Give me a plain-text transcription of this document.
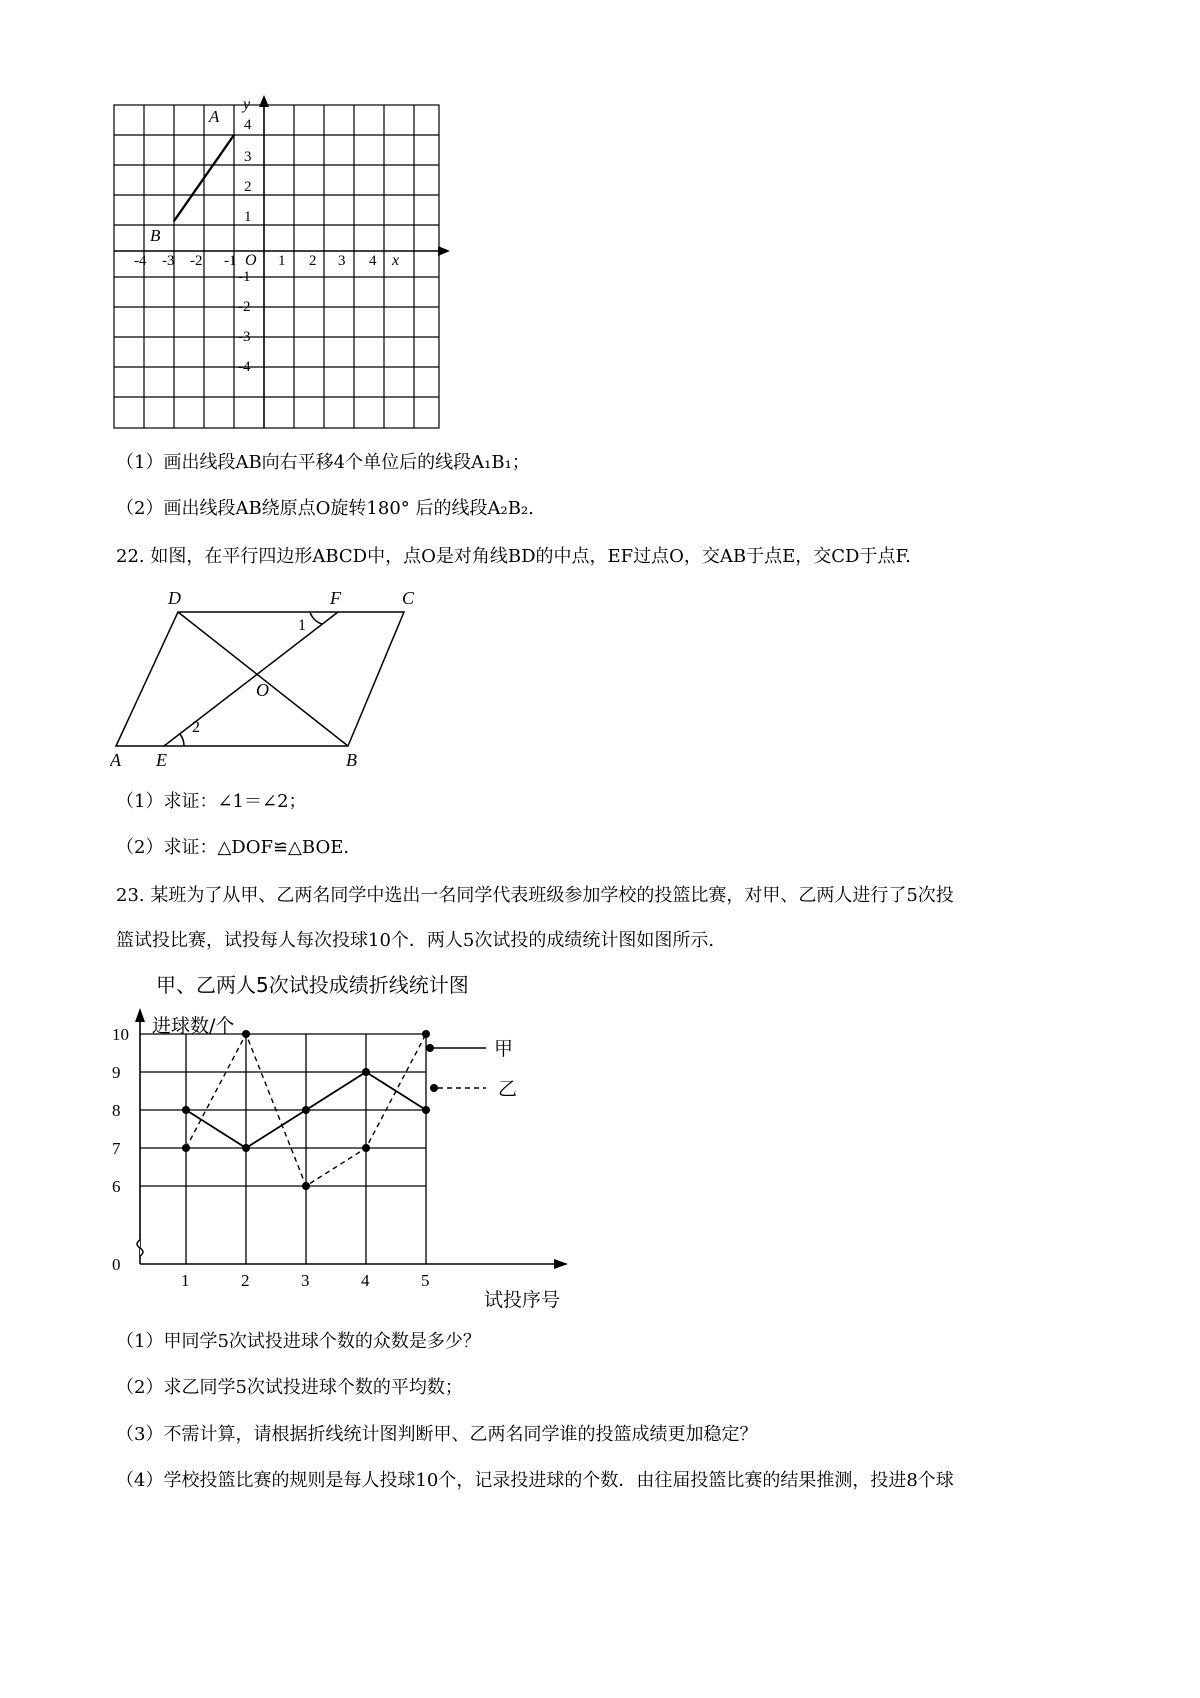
A
B
y
x
O
-4 -3 -2 -1	1 2 3 4
4
3
2
1
-1
-2
-3
-4
（1）画出线段AB向右平移4个单位后的线段A₁B₁；
（2）画出线段AB绕原点O旋转180° 后的线段A₂B₂.
22. 如图，在平行四边形ABCD中，点O是对角线BD的中点，EF过点O，交AB于点E，交CD于点F.
D	F	C
A E	B
O
1
2
（1）求证：∠1＝∠2；
（2）求证：△DOF≌△BOE.
23. 某班为了从甲、乙两名同学中选出一名同学代表班级参加学校的投篮比赛，对甲、乙两人进行了5次投
篮试投比赛，试投每人每次投球10个．两人5次试投的成绩统计图如图所示.
甲、乙两人5次试投成绩折线统计图
进球数/个
试投序号
10
9
8
7
6
0
1	2	3	4	5
甲
乙
（1）甲同学5次试投进球个数的众数是多少？
（2）求乙同学5次试投进球个数的平均数；
（3）不需计算，请根据折线统计图判断甲、乙两名同学谁的投篮成绩更加稳定？
（4）学校投篮比赛的规则是每人投球10个，记录投进球的个数．由往届投篮比赛的结果推测，投进8个球
